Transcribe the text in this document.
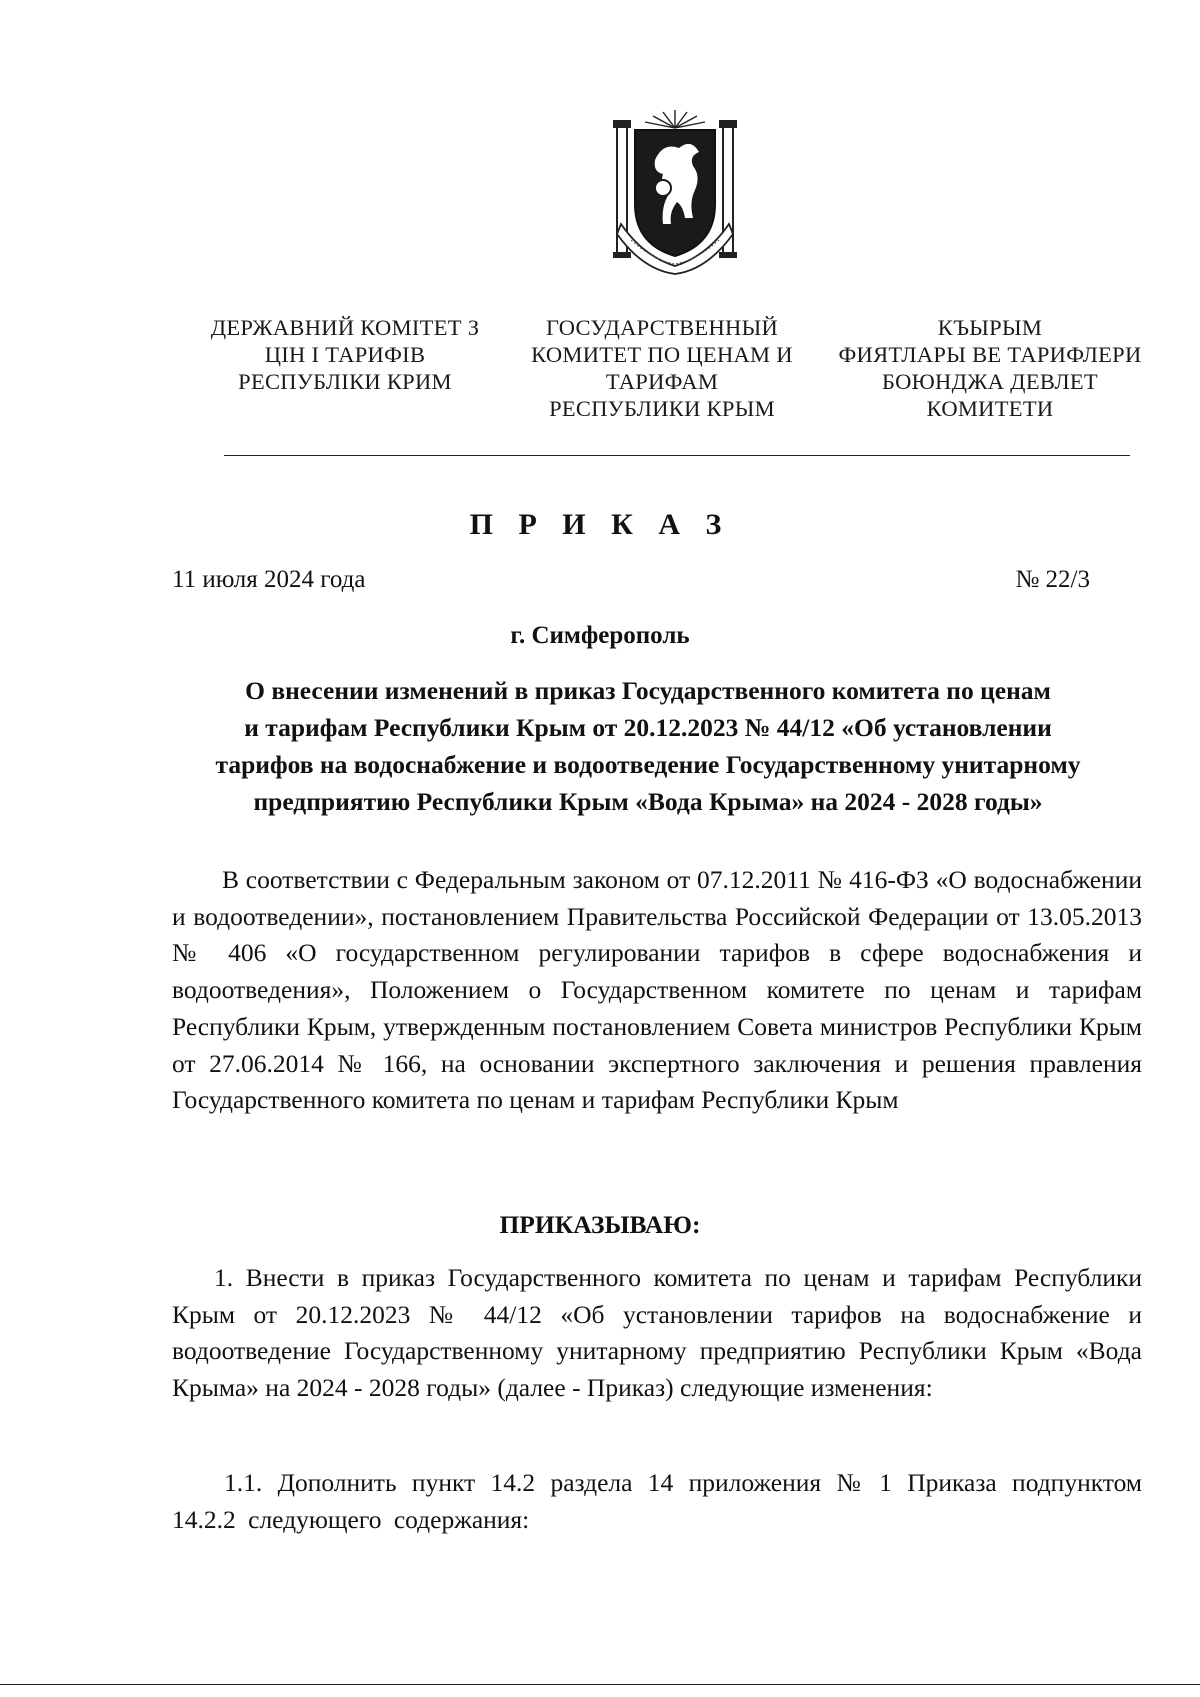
ДЕРЖАВНИЙ КОМІТЕТ З
ЦІН І ТАРИФІВ
РЕСПУБЛІКИ КРИМ
ГОСУДАРСТВЕННЫЙ
КОМИТЕТ ПО ЦЕНАМ И
ТАРИФАМ
РЕСПУБЛИКИ КРЫМ
КЪЫРЫМ
ФИЯТЛАРЫ ВЕ ТАРИФЛЕРИ
БОЮНДЖА ДЕВЛЕТ
КОМИТЕТИ
П Р И К А З
11 июля 2024 года	№ 22/3
г. Симферополь
О внесении изменений в приказ Государственного комитета по ценам
и тарифам Республики Крым от 20.12.2023 № 44/12 «Об установлении
тарифов на водоснабжение и водоотведение Государственному унитарному
предприятию Республики Крым «Вода Крыма» на 2024 - 2028 годы»
В соответствии с Федеральным законом от 07.12.2011 № 416-ФЗ «О водоснабжении и водоотведении», постановлением Правительства Российской Федерации от 13.05.2013 № 406 «О государственном регулировании тарифов в сфере водоснабжения и водоотведения», Положением о Государственном комитете по ценам и тарифам Республики Крым, утвержденным постановлением Совета министров Республики Крым от 27.06.2014 № 166, на основании экспертного заключения и решения правления Государственного комитета по ценам и тарифам Республики Крым
ПРИКАЗЫВАЮ:
1. Внести в приказ Государственного комитета по ценам и тарифам Республики Крым от 20.12.2023 № 44/12 «Об установлении тарифов на водоснабжение и водоотведение Государственному унитарному предприятию Республики Крым «Вода Крыма» на 2024 - 2028 годы» (далее - Приказ) следующие изменения:
1.1. Дополнить пункт 14.2 раздела 14 приложения № 1 Приказа подпунктом 14.2.2 следующего содержания:
